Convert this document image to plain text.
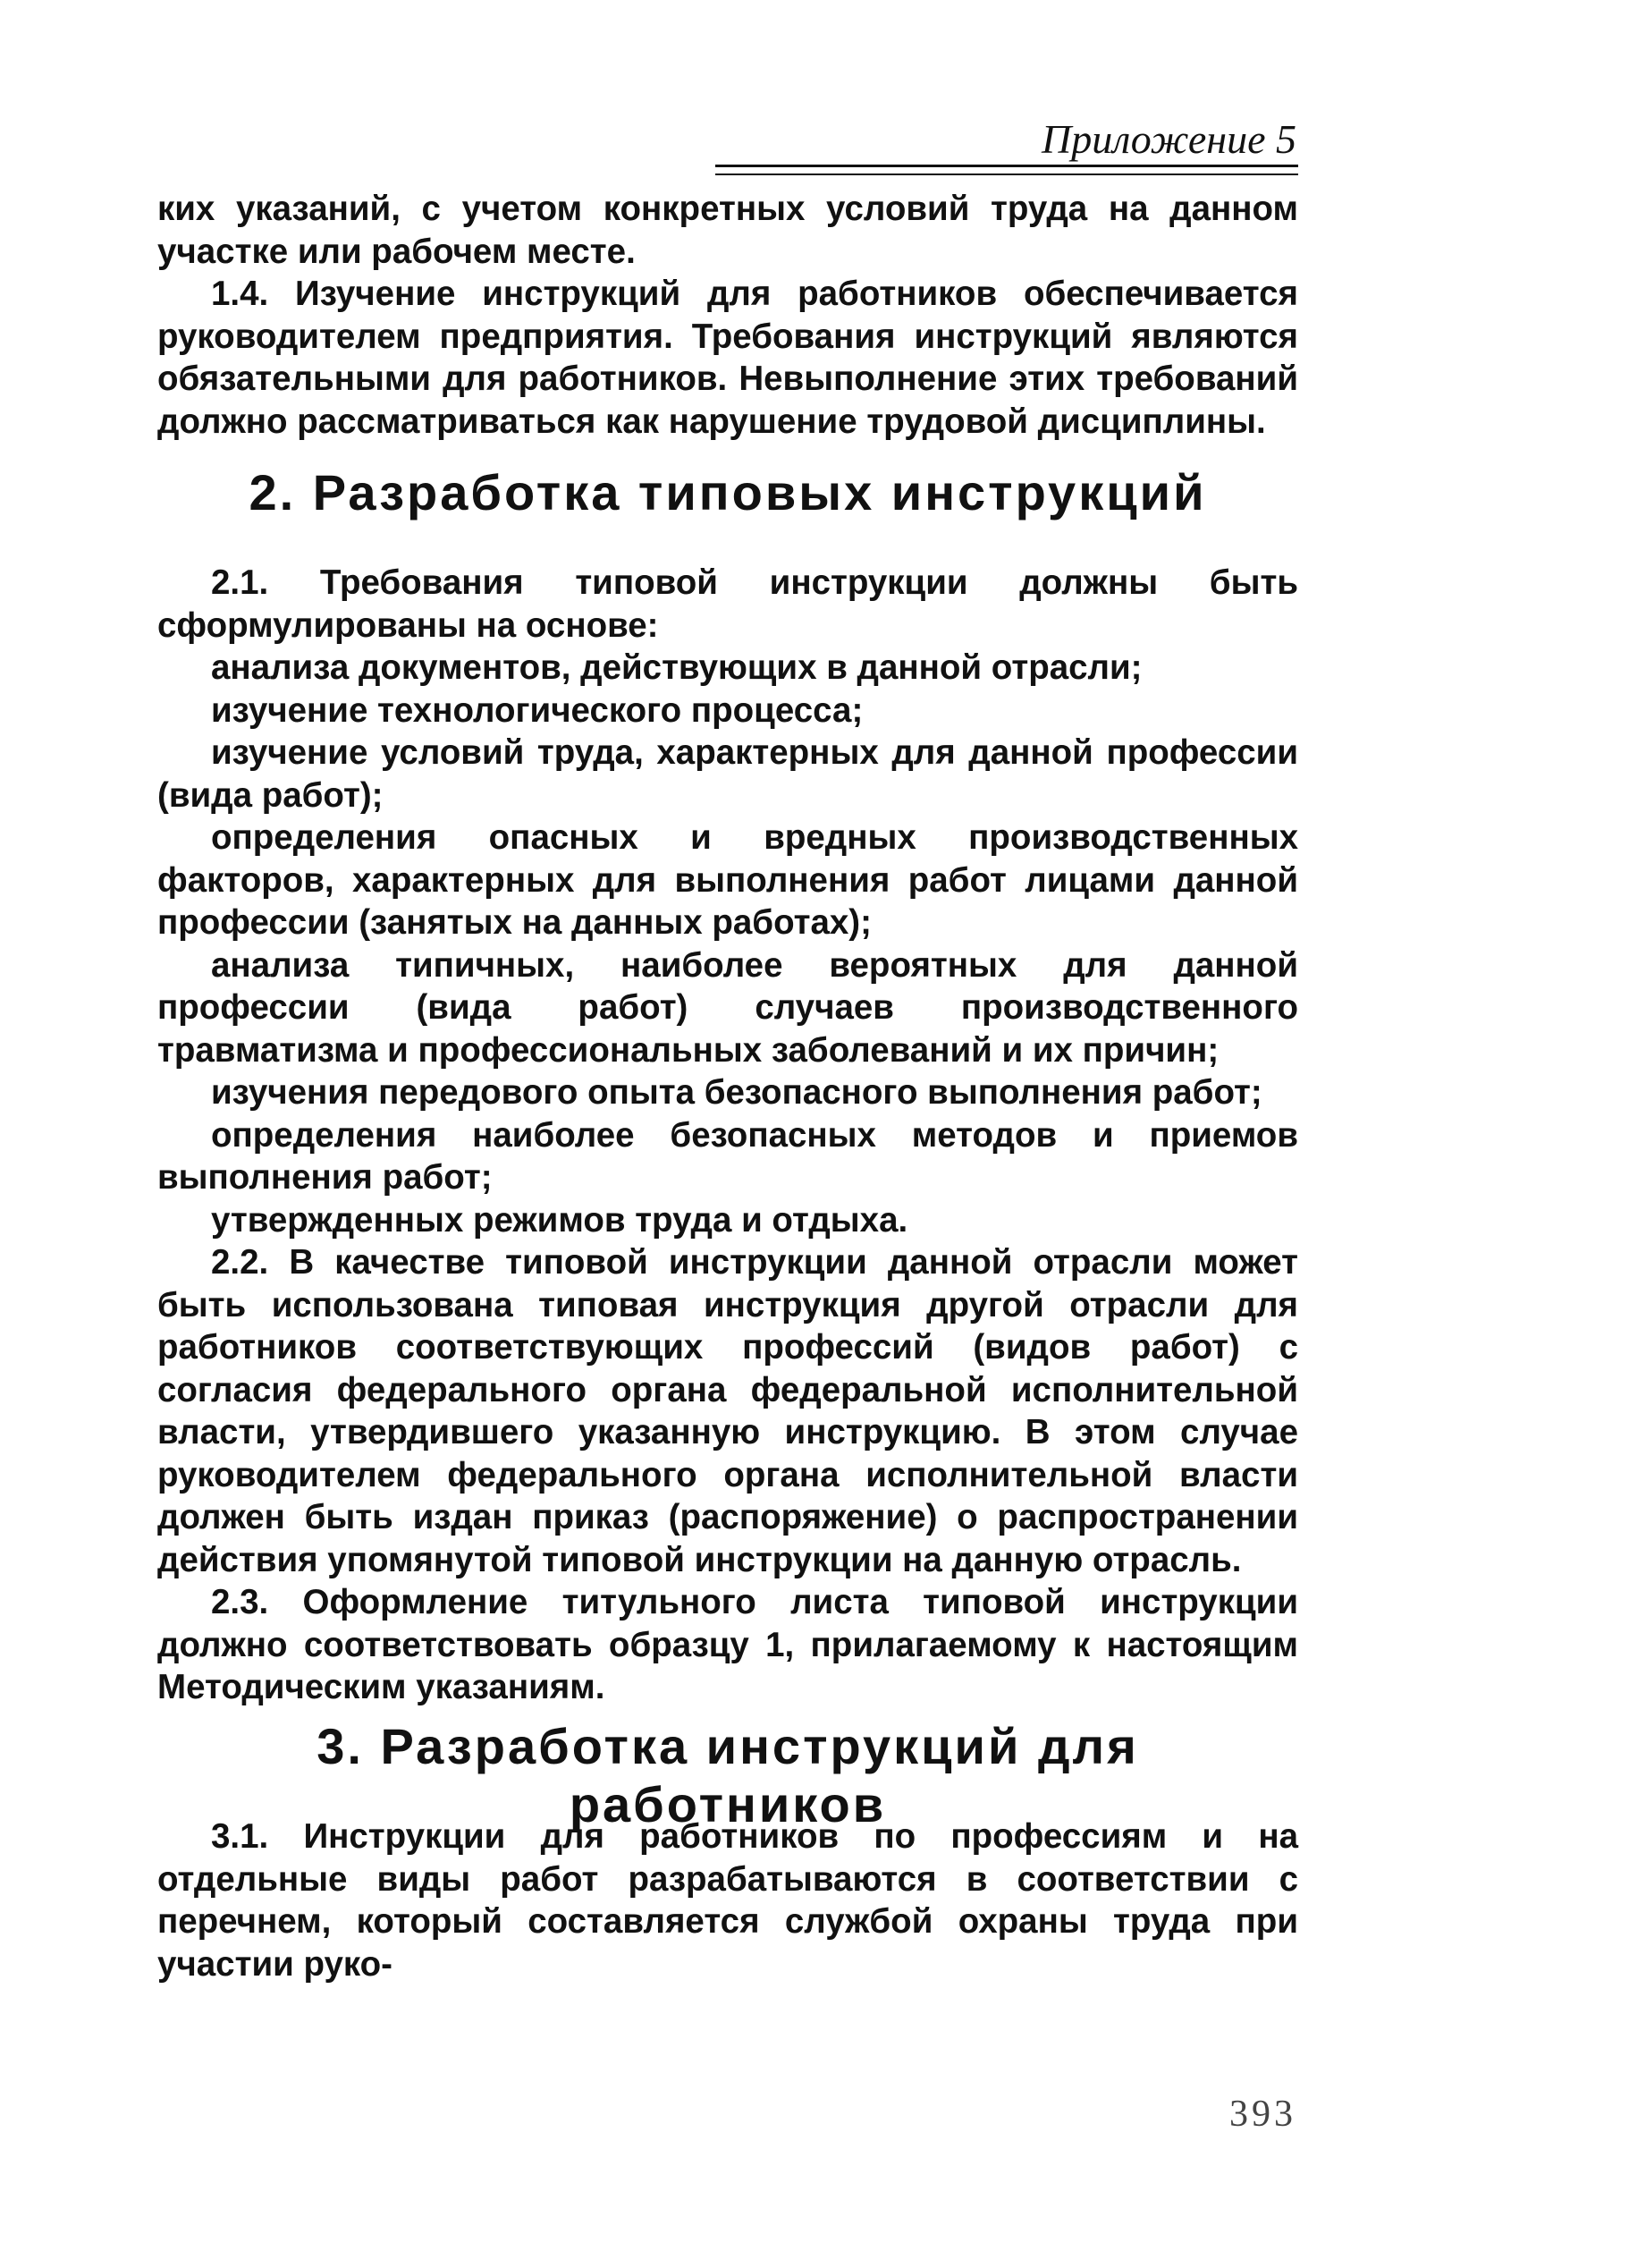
Приложение 5

ких указаний, с учетом конкретных условий труда на данном участке или рабочем месте.

1.4. Изучение инструкций для работников обеспечивается руководителем предприятия. Требования инструкций являются обязательными для работников. Невыполнение этих требований должно рассматриваться как нарушение трудовой дисциплины.

2. Разработка типовых инструкций

2.1. Требования типовой инструкции должны быть сформулированы на основе:

анализа документов, действующих в данной отрасли;

изучение технологического процесса;

изучение условий труда, характерных для данной профессии (вида работ);

определения опасных и вредных производственных факторов, характерных для выполнения работ лицами данной профессии (занятых на данных работах);

анализа типичных, наиболее вероятных для данной профессии (вида работ) случаев производственного травматизма и профессиональных заболеваний и их причин;

изучения передового опыта безопасного выполнения работ;

определения наиболее безопасных методов и приемов выполнения работ;

утвержденных режимов труда и отдыха.

2.2. В качестве типовой инструкции данной отрасли может быть использована типовая инструкция другой отрасли для работников соответствующих профессий (видов работ) с согласия федерального органа федеральной исполнительной власти, утвердившего указанную инструкцию. В этом случае руководителем федерального органа исполнительной власти должен быть издан приказ (распоряжение) о распространении действия упомянутой типовой инструкции на данную отрасль.

2.3. Оформление титульного листа типовой инструкции должно соответствовать образцу 1, прилагаемому к настоящим Методическим указаниям.

3. Разработка инструкций для работников

3.1. Инструкции для работников по профессиям и на отдельные виды работ разрабатываются в соответствии с перечнем, который составляется службой охраны труда при участии руко-

393
